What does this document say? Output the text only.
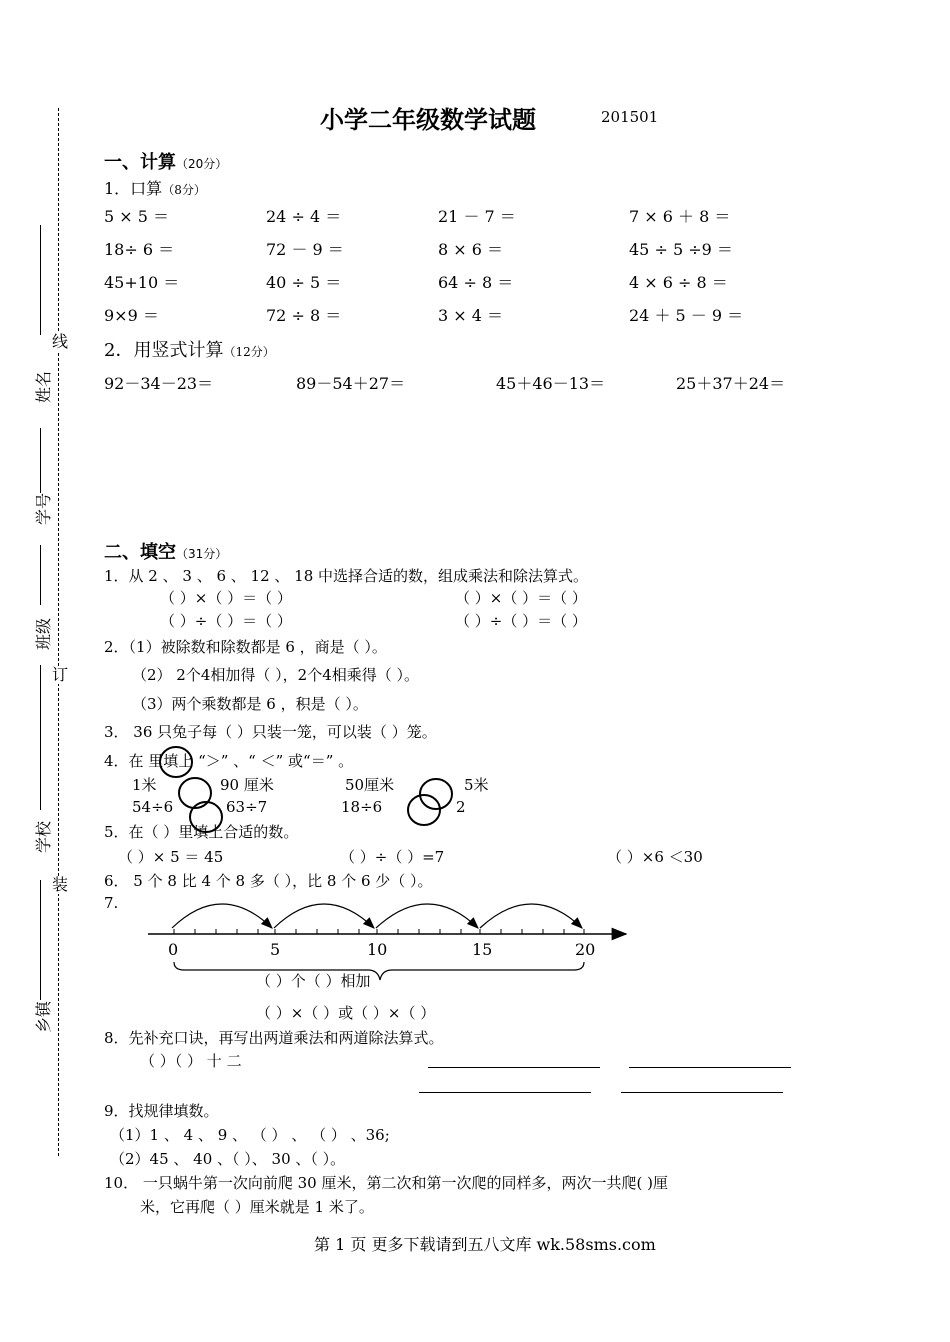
线
订
装
姓名
学号
班级
学校
乡镇
小学二年级数学试题	201501
一、计算（20分）
1．口算（8分）
5 × 5 ＝	24 ÷ 4 ＝	21 － 7 ＝	7 × 6 ＋ 8 ＝
18÷ 6 ＝	72 － 9 ＝	8 × 6 ＝	45 ÷ 5 ÷9 ＝
45+10 ＝	40 ÷ 5 ＝	64 ÷ 8 ＝	4 × 6 ÷ 8 ＝
9×9 ＝	72 ÷ 8 ＝	3 × 4 ＝	24 ＋ 5 － 9 ＝
2．用竖式计算（12分）
92－34－23＝	89－54＋27＝	45＋46－13＝	25＋37＋24＝
二、填空（31分）
1．从 2 、 3 、 6 、 12 、 18 中选择合适的数，组成乘法和除法算式。
（ ）×（ ）＝（ ）	（ ）×（ ）＝（ ）
（ ）÷（ ）＝（ ）	（ ）÷（ ）＝（ ）
2．（1）被除数和除数都是 6 ，商是（ ）。
（2） 2个4相加得（ ），2个4相乘得（ ）。
（3）两个乘数都是 6 ，积是（ ）。
3． 36 只兔子每（ ）只装一笼，可以装（ ）笼。
4．在 里填上 “＞” 、“ ＜” 或“＝” 。
1米	90 厘米	50厘米	5米
54÷6	63÷7	18÷6	2
5．在（ ）里填上合适的数。
（ ）× 5 ＝ 45	（ ）÷（ ）=7	（ ）×6 ＜30
6． 5 个 8 比 4 个 8 多（ ），比 8 个 6 少（ ）。
7.
0	5	10	15	20
（ ）个（ ）相加
（ ）×（ ）或（ ）×（ ）
8．先补充口诀，再写出两道乘法和两道除法算式。
（ ）（ ） 十 二
9．找规律填数。
（1）1 、 4 、 9 、 （ ） 、 （ ） 、36;
（2）45 、 40 、（ ）、 30 、（ ）。
10． 一只蜗牛第一次向前爬 30 厘米，第二次和第一次爬的同样多，两次一共爬( )厘
米，它再爬（ ）厘米就是 1 米了。
第 1 页 更多下载请到五八文库 wk.58sms.com
